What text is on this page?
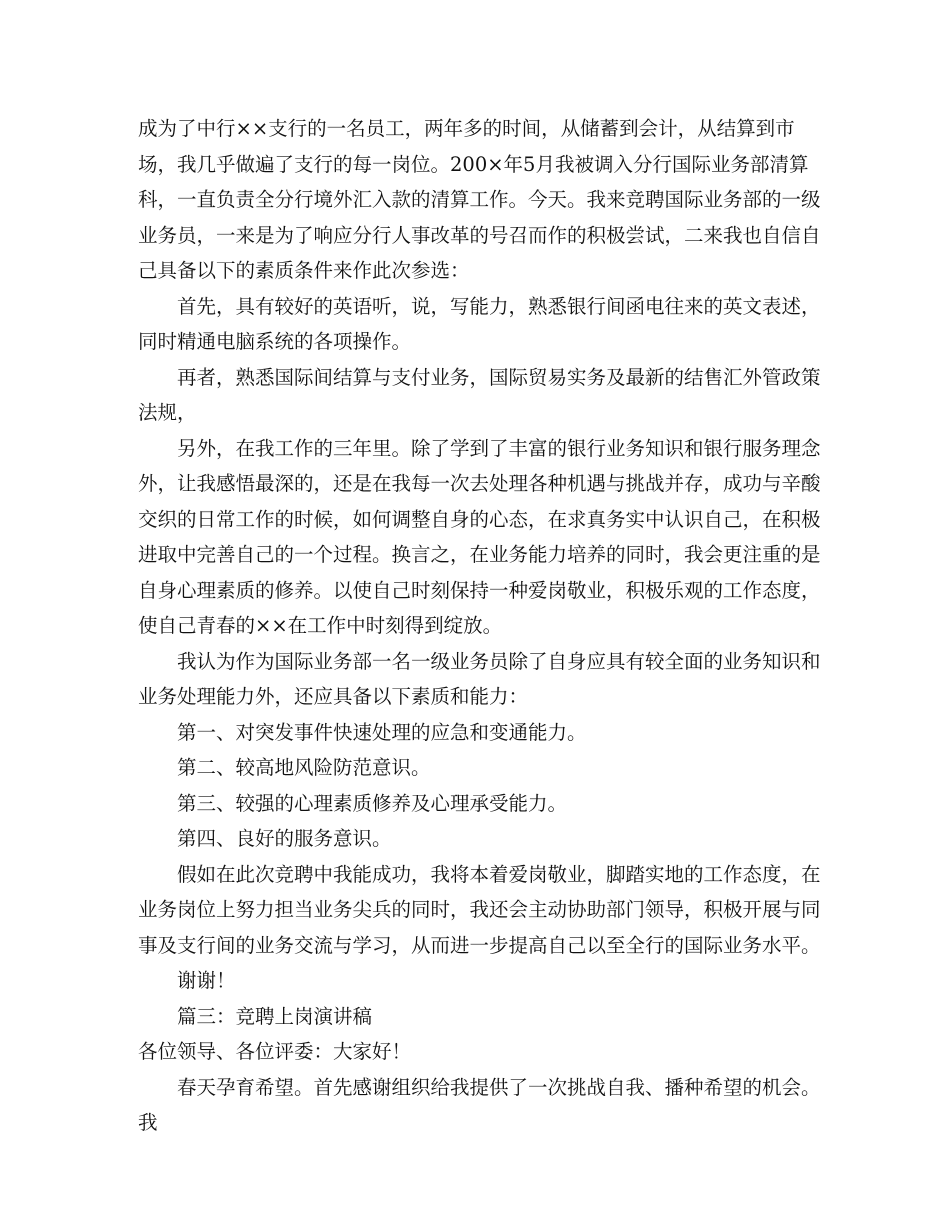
成为了中行××支行的一名员工，两年多的时间，从储蓄到会计，从结算到市场，我几乎做遍了支行的每一岗位。200×年5月我被调入分行国际业务部清算科，一直负责全分行境外汇入款的清算工作。今天。我来竞聘国际业务部的一级业务员，一来是为了响应分行人事改革的号召而作的积极尝试，二来我也自信自己具备以下的素质条件来作此次参选：

首先，具有较好的英语听，说，写能力，熟悉银行间函电往来的英文表述，同时精通电脑系统的各项操作。

再者，熟悉国际间结算与支付业务，国际贸易实务及最新的结售汇外管政策法规，

另外，在我工作的三年里。除了学到了丰富的银行业务知识和银行服务理念外，让我感悟最深的，还是在我每一次去处理各种机遇与挑战并存，成功与辛酸交织的日常工作的时候，如何调整自身的心态，在求真务实中认识自己，在积极进取中完善自己的一个过程。换言之，在业务能力培养的同时，我会更注重的是自身心理素质的修养。以使自己时刻保持一种爱岗敬业，积极乐观的工作态度，使自己青春的××在工作中时刻得到绽放。

我认为作为国际业务部一名一级业务员除了自身应具有较全面的业务知识和业务处理能力外，还应具备以下素质和能力：

第一、对突发事件快速处理的应急和变通能力。

第二、较高地风险防范意识。

第三、较强的心理素质修养及心理承受能力。

第四、良好的服务意识。

假如在此次竞聘中我能成功，我将本着爱岗敬业，脚踏实地的工作态度，在业务岗位上努力担当业务尖兵的同时，我还会主动协助部门领导，积极开展与同事及支行间的业务交流与学习，从而进一步提高自己以至全行的国际业务水平。

谢谢！

篇三：竞聘上岗演讲稿

各位领导、各位评委：大家好！

春天孕育希望。首先感谢组织给我提供了一次挑战自我、播种希望的机会。我
